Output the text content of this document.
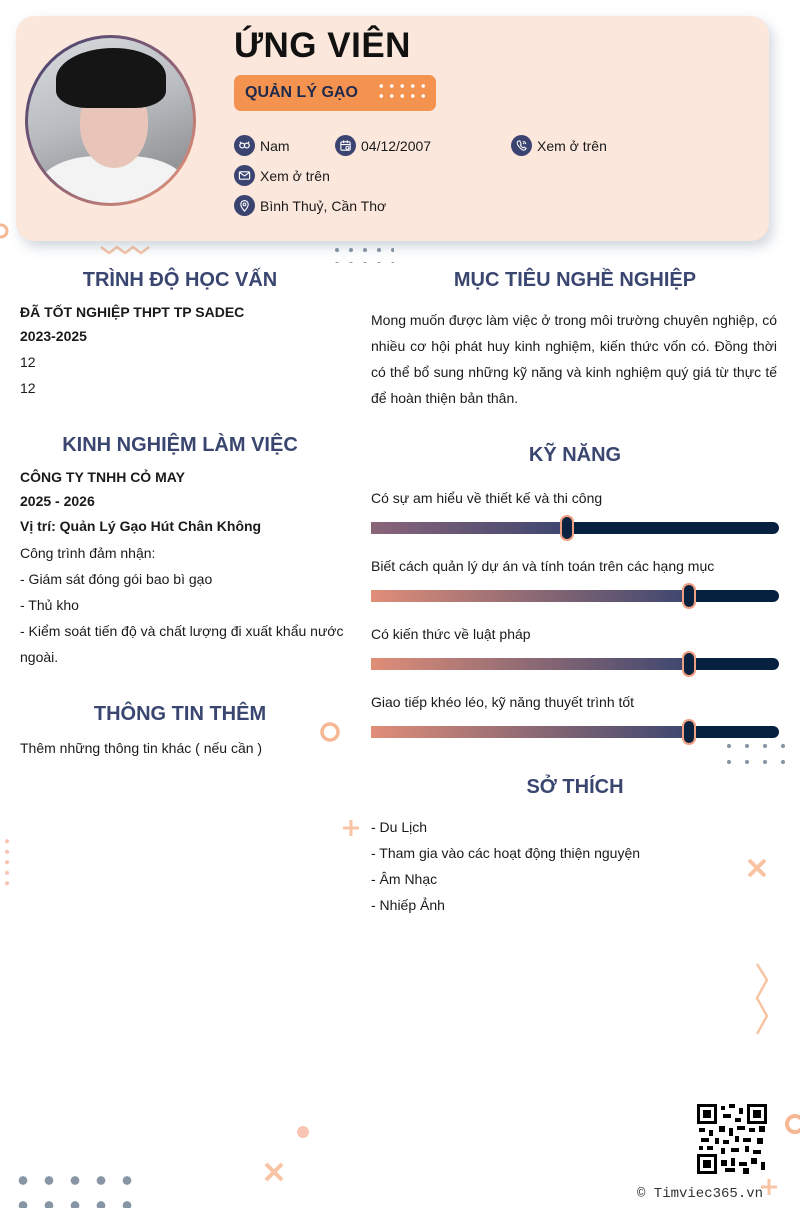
ỨNG VIÊN
QUẢN LÝ GẠO
Nam	04/12/2007	Xem ở trên
Xem ở trên
Bình Thuỷ, Cần Thơ
TRÌNH ĐỘ HỌC VẤN
ĐÃ TỐT NGHIỆP THPT TP SADEC
2023-2025
12
12
KINH NGHIỆM LÀM VIỆC
CÔNG TY TNHH CỎ MAY
2025 - 2026
Vị trí: Quản Lý Gạo Hút Chân Không
Công trình đảm nhận:
- Giám sát đóng gói bao bì gạo
- Thủ kho
- Kiểm soát tiến độ và chất lượng đi xuất khẩu nước ngoài.
THÔNG TIN THÊM
Thêm những thông tin khác ( nếu cần )
MỤC TIÊU NGHỀ NGHIỆP
Mong muốn được làm việc ở trong môi trường chuyên nghiệp, có nhiều cơ hội phát huy kinh nghiệm, kiến thức vốn có. Đồng thời có thể bổ sung những kỹ năng và kinh nghiệm quý giá từ thực tế để hoàn thiện bản thân.
KỸ NĂNG
Có sự am hiểu về thiết kế và thi công
Biết cách quản lý dự án và tính toán trên các hạng mục
Có kiến thức về luật pháp
Giao tiếp khéo léo, kỹ năng thuyết trình tốt
SỞ THÍCH
- Du Lịch
- Tham gia vào các hoạt động thiện nguyện
- Âm Nhạc
- Nhiếp Ảnh
© Timviec365.vn
